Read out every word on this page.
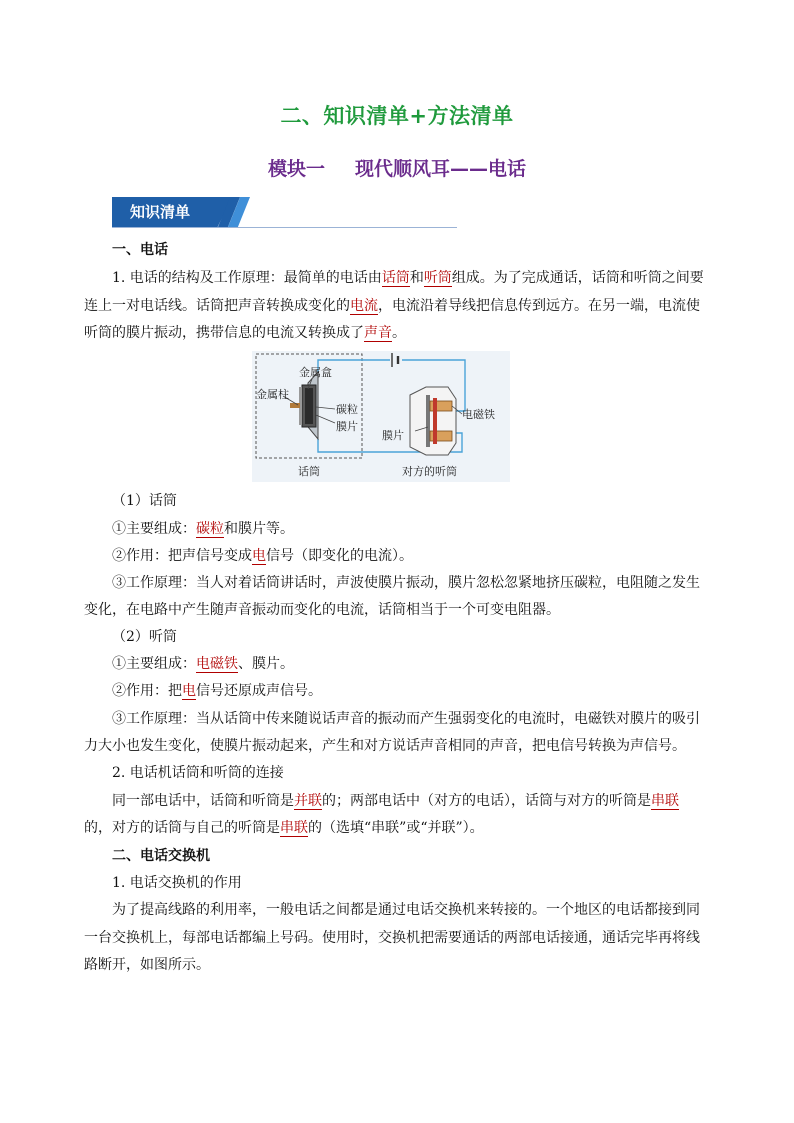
二、知识清单+方法清单
模块一 现代顺风耳——电话
知识清单
一、电话
1. 电话的结构及工作原理：最简单的电话由话筒和听筒组成。为了完成通话，话筒和听筒之间要
连上一对电话线。话筒把声音转换成变化的电流，电流沿着导线把信息传到远方。在另一端，电流使
听筒的膜片振动，携带信息的电流又转换成了声音。
金属盒
金属柱
碳粒
膜片
电磁铁
膜片
话筒	对方的听筒
（1）话筒
①主要组成：碳粒和膜片等。
②作用：把声信号变成电信号（即变化的电流）。
③工作原理：当人对着话筒讲话时，声波使膜片振动，膜片忽松忽紧地挤压碳粒，电阻随之发生
变化，在电路中产生随声音振动而变化的电流，话筒相当于一个可变电阻器。
（2）听筒
①主要组成：电磁铁、膜片。
②作用：把电信号还原成声信号。
③工作原理：当从话筒中传来随说话声音的振动而产生强弱变化的电流时，电磁铁对膜片的吸引
力大小也发生变化，使膜片振动起来，产生和对方说话声音相同的声音，把电信号转换为声信号。
2. 电话机话筒和听筒的连接
同一部电话中，话筒和听筒是并联的；两部电话中（对方的电话），话筒与对方的听筒是串联
的，对方的话筒与自己的听筒是串联的（选填“串联”或“并联”）。
二、电话交换机
1. 电话交换机的作用
为了提高线路的利用率，一般电话之间都是通过电话交换机来转接的。一个地区的电话都接到同
一台交换机上，每部电话都编上号码。使用时，交换机把需要通话的两部电话接通，通话完毕再将线
路断开，如图所示。
